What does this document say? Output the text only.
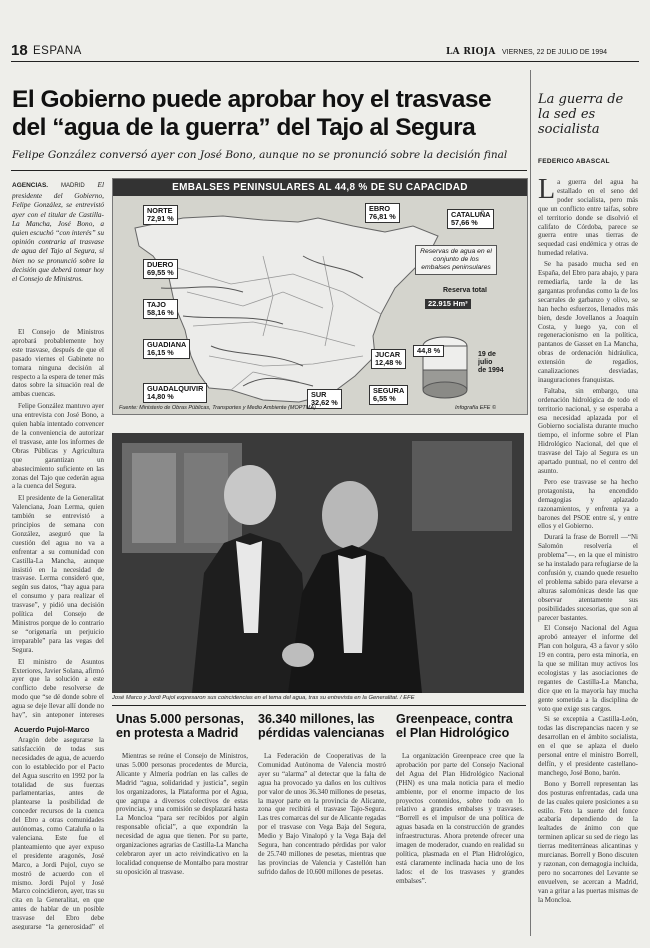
18 ESPAÑA	LA RIOJA VIERNES, 22 DE JULIO DE 1994
El Gobierno puede aprobar hoy el trasvase del “agua de la guerra” del Tajo al Segura
Felipe González conversó ayer con José Bono, aunque no se pronunció sobre la decisión final
AGENCIAS. MADRID El presidente del Gobierno, Felipe González, se entrevistó ayer con el titular de Castilla-La Mancha, José Bono, a quien escuchó “con interés” su opinión contraria al trasvase de agua del Tajo al Segura, si bien no se pronunció sobre la decisión que deberá tomar hoy el Consejo de Ministros.
EMBALSES PENINSULARES AL 44,8 % DE SU CAPACIDAD
NORTE
72,91 %
EBRO
76,81 %	CATALUÑA
57,66 %
DUERO
69,55 %
TAJO
58,16 %
GUADIANA
16,15 %
GUADALQUIVIR
14,80 %	SUR
32,62 %
JUCAR
12,48 %
SEGURA
6,55 %
Reservas de agua en el conjunto de los embalses peninsulares
Reserva total
22.915 Hm³
44,8 %	19 de
julio
de 1994
Fuente: Ministerio de Obras Públicas, Transportes y Medio Ambiente (MOPTMA)	Infografía EFE ©

El Consejo de Ministros aprobará probablemente hoy este trasvase, después de que el pasado viernes el Gabinete no tomara ninguna decisión al respecto a la espera de tener más datos sobre la situación real de ambas cuencas.

Felipe González mantuvo ayer una entrevista con José Bono, a quien había intentado convencer de la conveniencia de autorizar el trasvase, ante los informes de Obras Públicas y Agricultura que garantizan un abastecimiento suficiente en las zonas del Tajo que cederán agua a la cuenca del Segura.

El presidente de la Generalitat Valenciana, Joan Lerma, quien también se entrevistó a principios de semana con González, aseguró que la cuestión del agua no va a enfrentar a su comunidad con Castilla-La Mancha, aunque insistió en la necesidad de trasvase. Lerma consideró que, según sus datos, “hay agua para el consumo y para realizar el trasvase”, y pidió una decisión política del Consejo de Ministros porque de lo contrario se “origenaría un perjuicio irreparable” para las vegas del Segura.

El ministro de Asuntos Exteriores, Javier Solana, afirmó ayer que la solución a este conflicto debe resolverse de modo que “se dé donde sobre el agua se deje llevar allí donde no hay”, sin anteponer intereses

Acuerdo Pujol-Marco
Aragón debe asegurarse la satisfacción de todas sus necesidades de agua, de acuerdo con lo establecido por el Pacto del Agua suscrito en 1992 por la totalidad de sus fuerzas parlamentarias, antes de plantearse la posibilidad de conceder recursos de la cuenca del Ebro a otras comunidades autónomas, como Cataluña o la valenciana. Este fue el planteamiento que ayer expuso el presidente aragonés, José Marco, a Jordi Pujol, cuyo se mostró de acuerdo con el mismo. Jordi Pujol y José Marco coincidieron, ayer, tras su cita en la Generalitat, en que antes de hablar de un posible trasvase del Ebro debe asegurarse “la generosidad” el
José Marco y Jordi Pujol expresaron sus coincidencias en el tema del agua, tras su entrevista en la Generalitat. / EFE
Unas 5.000 personas, en protesta a Madrid
Mientras se reúne el Consejo de Ministros, unas 5.000 personas procedentes de Murcia, Alicante y Almería podrían en las calles de Madrid “agua, solidaridad y justicia”, según los organizadores, la Plataforma por el Agua, que agrupa a diversos colectivos de estas provincias, y una comisión se desplazará hasta La Moncloa “para ser recibidos por algún responsable oficial”, a que expondrán la necesidad de agua que tienen. Por su parte, organizaciones agrarias de Castilla-La Mancha celebraron ayer un acto reivindicativo en la localidad conquense de Montalbo para mostrar su oposición al trasvase.
36.340 millones, las pérdidas valencianas
La Federación de Cooperativas de la Comunidad Autónoma de Valencia mostró ayer su “alarma” al detectar que la falta de agua ha provocado ya daños en los cultivos por valor de unos 36.340 millones de pesetas, la mayor parte en la provincia de Alicante, zona que recibirá el trasvase Tajo-Segura. Las tres comarcas del sur de Alicante regadas por el trasvase con Vega Baja del Segura, Medio y Bajo Vinalopó y la Vega Baja del Segura, han concentrado pérdidas por valor de 25.740 millones de pesetas, mientras que las provincias de Valencia y Castellón han sufrido daños de 10.600 millones de pesetas.
Greenpeace, contra el Plan Hidrológico
La organización Greenpeace cree que la aprobación por parte del Consejo Nacional del Agua del Plan Hidrológico Nacional (PHN) es una mala noticia para el medio ambiente, por el enorme impacto de los proyectos contenidos, sobre todo en lo relativo a grandes embalses y trasvases. “Borrell es el impulsor de una política de aguas basada en la construcción de grandes infraestructuras. Ahora pretende ofrecer una imagen de moderador, cuando en realidad su política, plasmada en el Plan Hidrológico, está claramente inclinada hacia uno de los lados: el de los trasvases y grandes embalses”.
La guerra de la sed es socialista
FEDERICO ABASCAL

L a guerra del agua ha estallado en el seno del poder socialista, pero más que un conflicto entre taifas, sobre el territorio donde se disolvió el califato de Córdoba, parece se guerra entre unas tierras de sequedad casi endémica y otras de humedad relativa.

Se ha pasado mucha sed en España, del Ebro para abajo, y para remediarla, tarde la de las gargantas profundas como la de los secarrales de garbanzo y olivo, se han hecho esfuerzos, llenados más bien, desde Jovellanos a Joaquín Costa, y luego ya, con el regeneracionismo en la política, pantanos de Gasset en La Mancha, obras de ordenación hidráulica, extensión de regadíos, canalizaciones desviadas, inauguraciones franquistas.

Faltaba, sin embargo, una ordenación hidrológica de todo el territorio nacional, y se esperaba a esa necesidad aplazada por el Gobierno socialista durante mucho tiempo, el informe sobre el Plan Hidrológico Nacional, del que el trasvase del Tajo al Segura es un apartado puntual, no el centro del asunto.

Pero ese trasvase se ha hecho protagonista, ha encendido demagogias y aplazado razonamientos, y enfrenta ya a barones del PSOE entre sí, y entre ellos y el Gobierno.

Durará la frase de Borrell —“Ni Salomón resolvería el problema”—, en la que el ministro se ha instalado para refugiarse de la confusión y, cuando quede resuelto el problema sabido para elevarse a alturas salomónicas desde las que observar atentamente sus posibilidades sucesorias, que son al parecer bastantes.

El Consejo Nacional del Agua aprobó anteayer el informe del Plan con holgura, 43 a favor y sólo 19 en contra, pero esta minoría, en la que se militan muy activos los ecologistas y las asociaciones de regantes de Castilla-La Mancha, dice que en la mayoría hay mucha gente sometida a la disciplina de voto que exige sus cargos.

Si se exceptúa a Castilla-León, todas las discrepancias nacen y se desarrollan en el ámbito socialista, en el que se aplaza el duelo personal entre el ministro Borrell, delfín, y el presidente castellano-manchego, José Bono, barón.

Bono y Borrell representan las dos posturas enfrentadas, cada una de las cuales quiere posiciones a su estilo. Feto la suerte del fonce acabaría dependiendo de la lealtades de ánimo con que terminen aplicar su sed de riego las tierras mediterráneas alicantinas y murcianas. Borrell y Bono discuten y razonan, con demagogia incluida, pero no socarrones del Levante se envuelven, se acercan a Madrid, van a gritar a las puertas mismas de la Moncloa.
